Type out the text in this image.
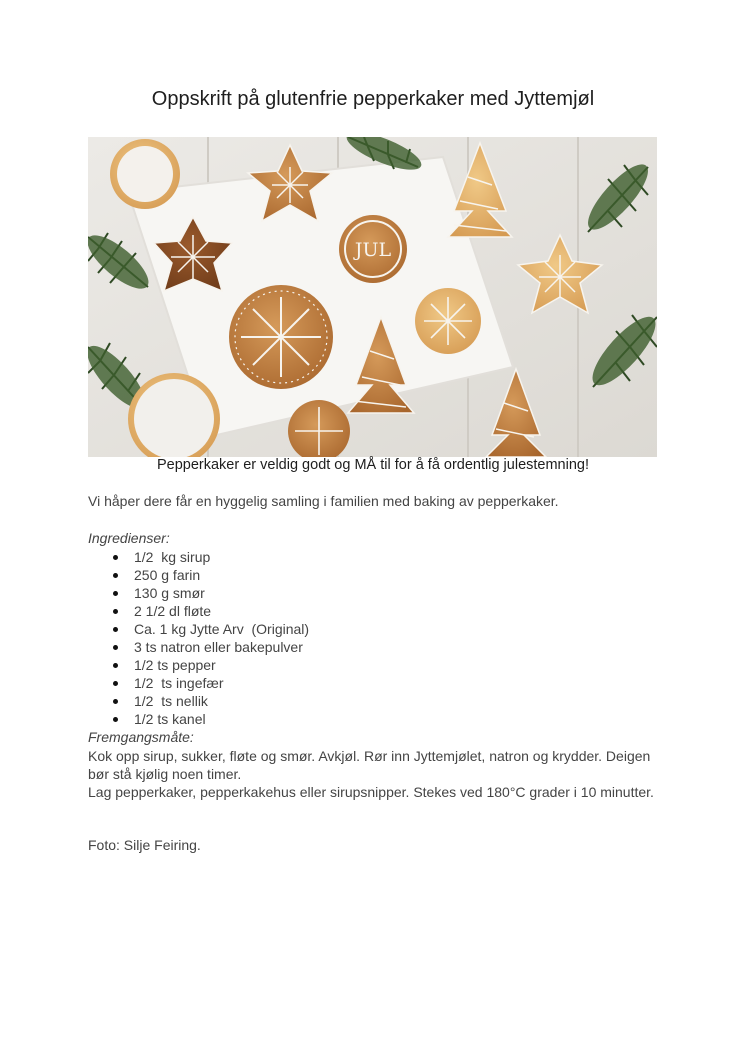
Oppskrift på glutenfrie pepperkaker med Jyttemjøl
JUL
Pepperkaker er veldig godt og MÅ til for å få ordentlig julestemning!
Vi håper dere får en hyggelig samling i familien med baking av pepperkaker.
Ingredienser:
1/2  kg sirup
250 g farin
130 g smør
2 1/2 dl fløte
Ca. 1 kg Jytte Arv  (Original)
3 ts natron eller bakepulver
1/2 ts pepper
1/2  ts ingefær
1/2  ts nellik
1/2 ts kanel
Fremgangsmåte:

Kok opp sirup, sukker, fløte og smør. Avkjøl. Rør inn Jyttemjølet, natron og krydder. Deigen bør stå kjølig noen timer.

Lag pepperkaker, pepperkakehus eller sirupsnipper. Stekes ved 180°C grader i 10 minutter.

Foto: Silje Feiring.
